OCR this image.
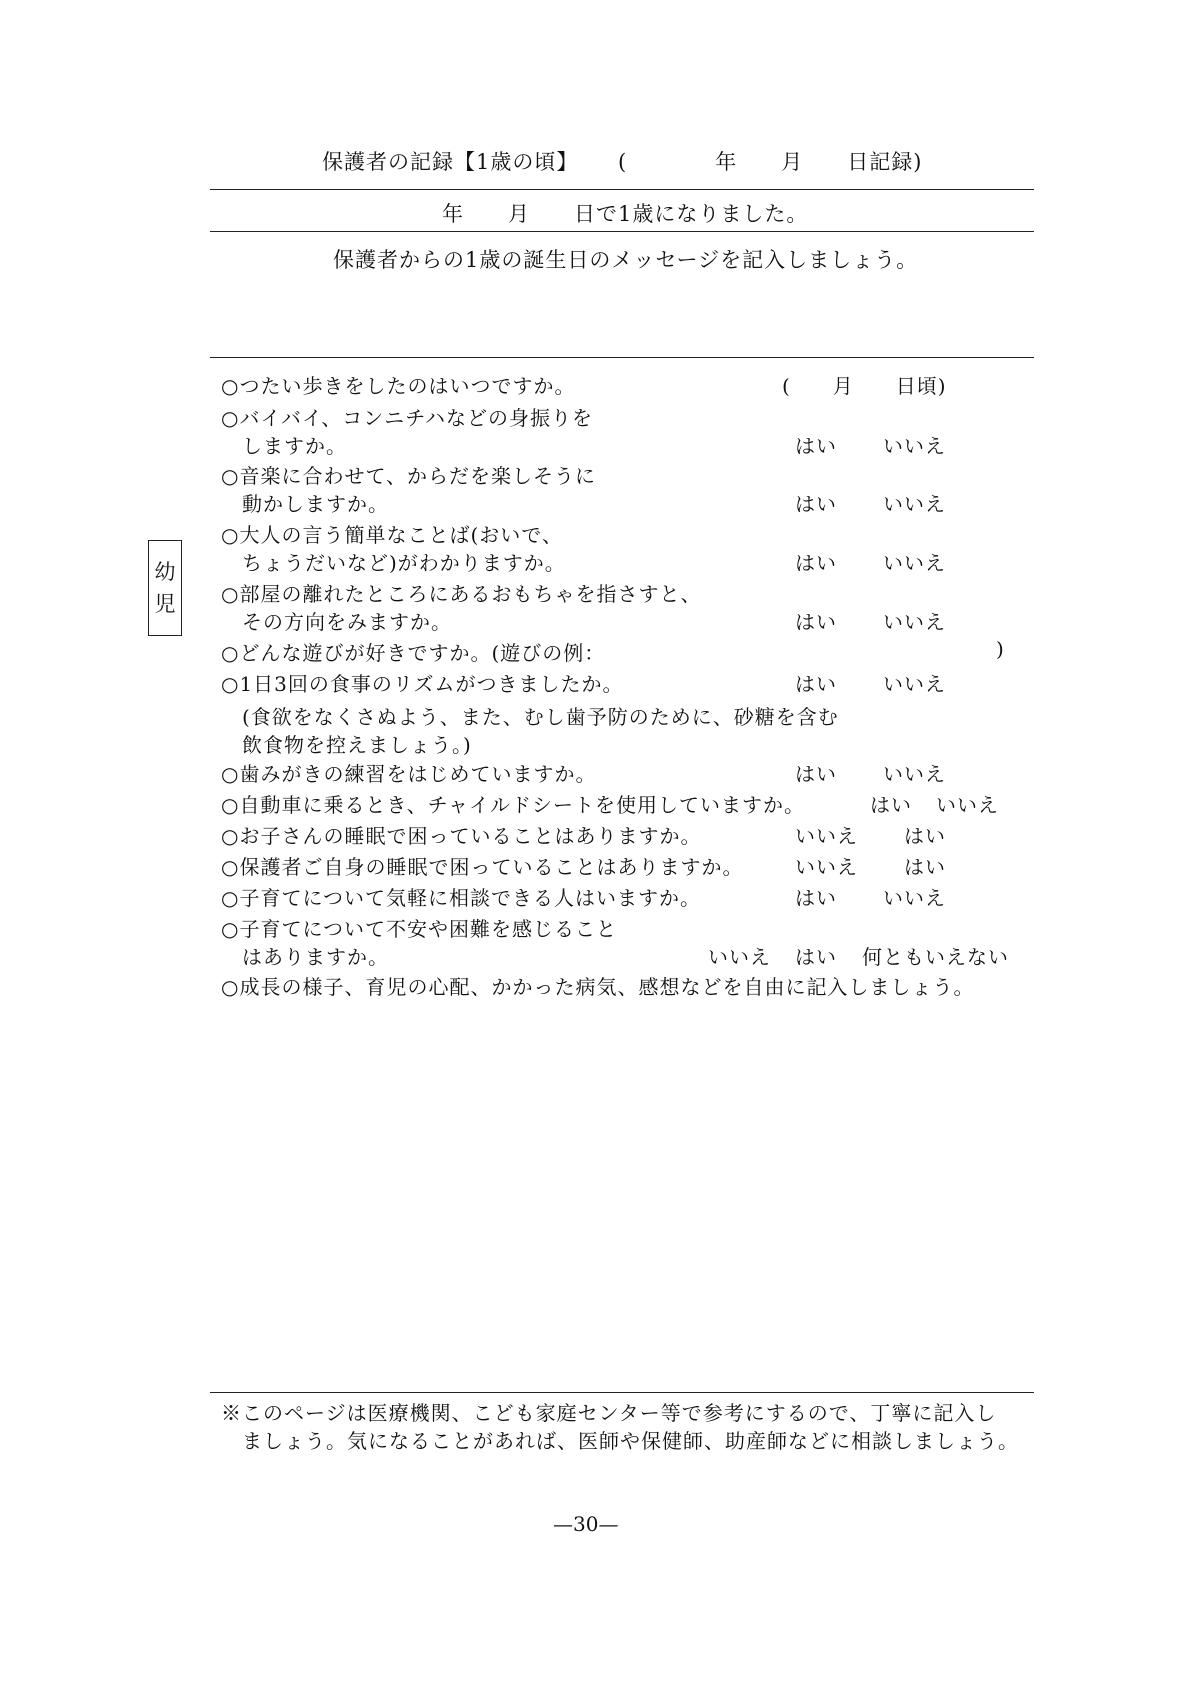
保護者の記録【1歳の頃】 (　　　　年　　月　　日記録)
年　　月　　日で1歳になりました。
保護者からの1歳の誕生日のメッセージを記入しましょう。
幼
児
○つたい歩きをしたのはいつですか。	(　　月　　日頃)
○バイバイ、コンニチハなどの身振りを
しますか。	はい いいえ
○音楽に合わせて、からだを楽しそうに
動かしますか。	はい いいえ
○大人の言う簡単なことば(おいで、
ちょうだいなど)がわかりますか。	はい いいえ
○部屋の離れたところにあるおもちゃを指さすと、
その方向をみますか。	はい いいえ
○どんな遊びが好きですか。(遊びの例：	)
○1日3回の食事のリズムがつきましたか。	はい いいえ
(食欲をなくさぬよう、また、むし歯予防のために、砂糖を含む
飲食物を控えましょう。)
○歯みがきの練習をはじめていますか。	はい いいえ
○自動車に乗るとき、チャイルドシートを使用していますか。	はい いいえ
○お子さんの睡眠で困っていることはありますか。	いいえ はい
○保護者ご自身の睡眠で困っていることはありますか。	いいえ はい
○子育てについて気軽に相談できる人はいますか。	はい いいえ
○子育てについて不安や困難を感じること
はありますか。	いいえ はい 何ともいえない
○成長の様子、育児の心配、かかった病気、感想などを自由に記入しましょう。
※このページは医療機関、こども家庭センター等で参考にするので、丁寧に記入し
ましょう。気になることがあれば、医師や保健師、助産師などに相談しましょう。
—30—
